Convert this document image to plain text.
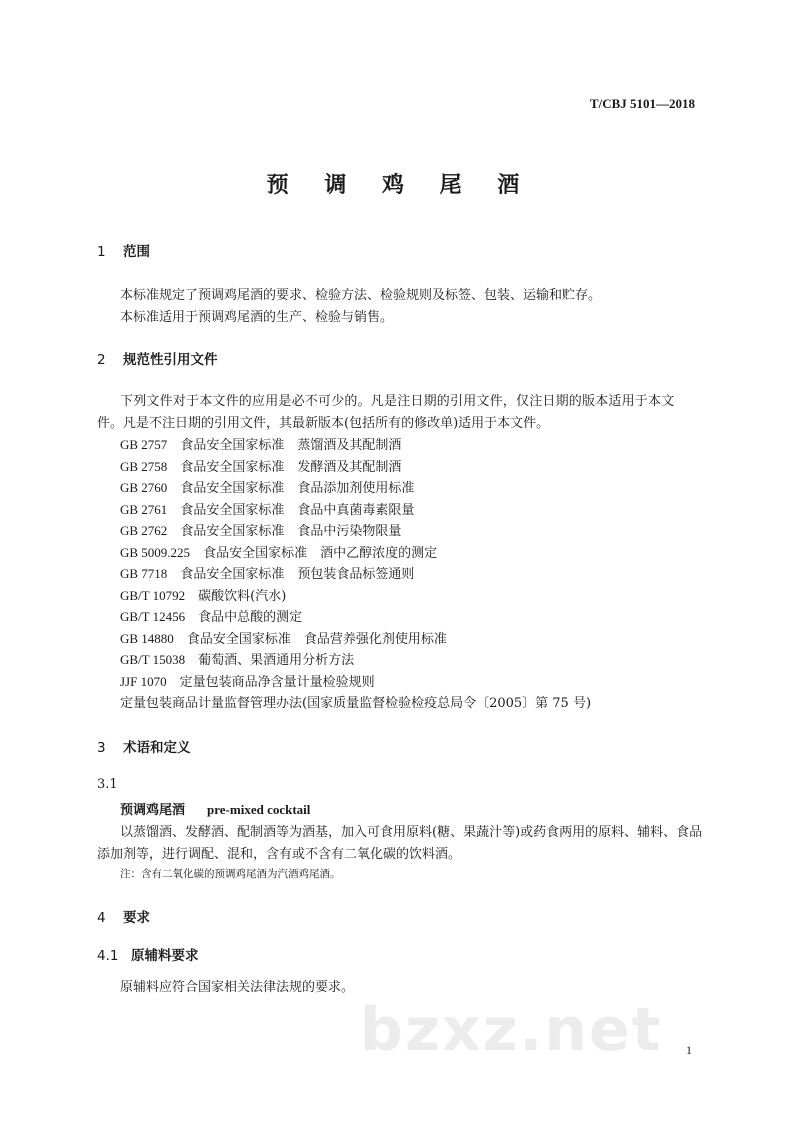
T/CBJ 5101—2018
预 调 鸡 尾 酒
1 范围
本标准规定了预调鸡尾酒的要求、检验方法、检验规则及标签、包装、运输和贮存。
本标准适用于预调鸡尾酒的生产、检验与销售。
2 规范性引用文件
下列文件对于本文件的应用是必不可少的。凡是注日期的引用文件，仅注日期的版本适用于本文
件。凡是不注日期的引用文件，其最新版本(包括所有的修改单)适用于本文件。
GB 2757　 食品安全国家标准　蒸馏酒及其配制酒
GB 2758　 食品安全国家标准　发酵酒及其配制酒
GB 2760　 食品安全国家标准　食品添加剂使用标准
GB 2761　 食品安全国家标准　食品中真菌毒素限量
GB 2762　 食品安全国家标准　食品中污染物限量
GB 5009.225　 食品安全国家标准　酒中乙醇浓度的测定
GB 7718　 食品安全国家标准　预包装食品标签通则
GB/T 10792　 碳酸饮料(汽水)
GB/T 12456　 食品中总酸的测定
GB 14880　 食品安全国家标准　食品营养强化剂使用标准
GB/T 15038　 葡萄酒、果酒通用分析方法
JJF 1070　 定量包装商品净含量计量检验规则
定量包装商品计量监督管理办法(国家质量监督检验检疫总局令〔2005〕第 75 号)
3 术语和定义
3.1
预调鸡尾酒 pre-mixed cocktail
以蒸馏酒、发酵酒、配制酒等为酒基，加入可食用原料(糖、果蔬汁等)或药食两用的原料、辅料、食品
添加剂等，进行调配、混和，含有或不含有二氧化碳的饮料酒。
注：含有二氧化碳的预调鸡尾酒为汽酒鸡尾酒。
4 要求
4.1 原辅料要求
原辅料应符合国家相关法律法规的要求。
bzxz.net 1
